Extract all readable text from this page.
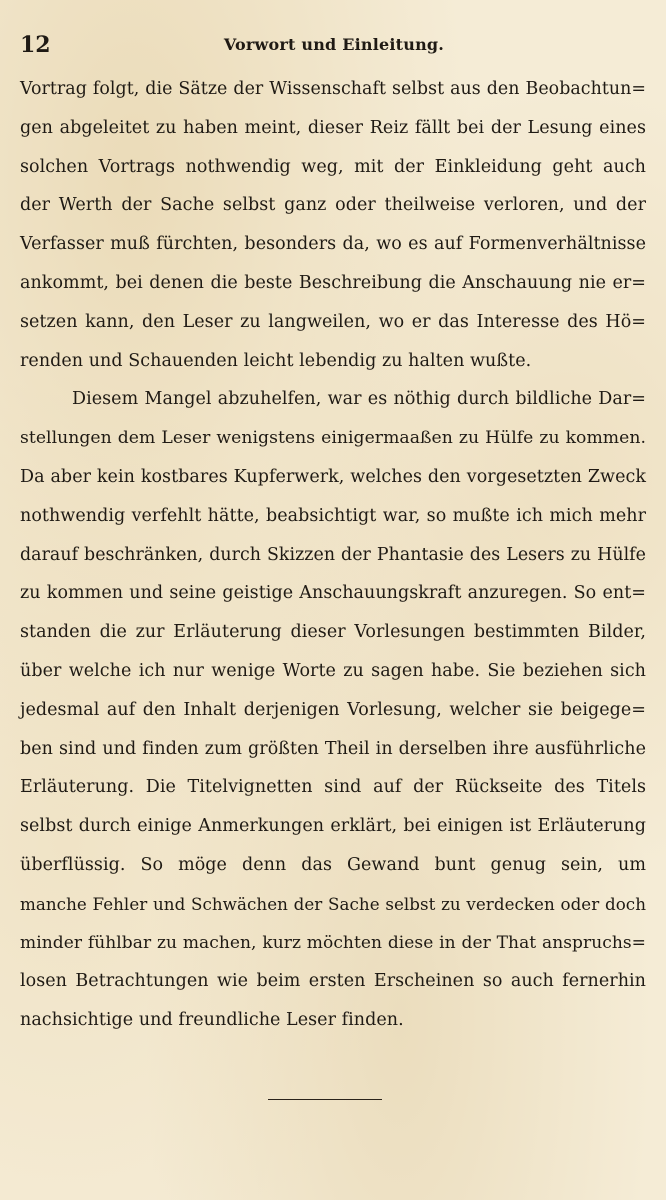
12	Vorwort und Einleitung.
Vortrag folgt, die Sätze der Wissenschaft selbst aus den Beobachtun=
gen abgeleitet zu haben meint, dieser Reiz fällt bei der Lesung eines
solchen Vortrags nothwendig weg, mit der Einkleidung geht auch
der Werth der Sache selbst ganz oder theilweise verloren, und der
Verfasser muß fürchten, besonders da, wo es auf Formenverhältnisse
ankommt, bei denen die beste Beschreibung die Anschauung nie er=
setzen kann, den Leser zu langweilen, wo er das Interesse des Hö=
renden und Schauenden leicht lebendig zu halten wußte.
Diesem Mangel abzuhelfen, war es nöthig durch bildliche Dar=
stellungen dem Leser wenigstens einigermaaßen zu Hülfe zu kommen.
Da aber kein kostbares Kupferwerk, welches den vorgesetzten Zweck
nothwendig verfehlt hätte, beabsichtigt war, so mußte ich mich mehr
darauf beschränken, durch Skizzen der Phantasie des Lesers zu Hülfe
zu kommen und seine geistige Anschauungskraft anzuregen. So ent=
standen die zur Erläuterung dieser Vorlesungen bestimmten Bilder,
über welche ich nur wenige Worte zu sagen habe. Sie beziehen sich
jedesmal auf den Inhalt derjenigen Vorlesung, welcher sie beigege=
ben sind und finden zum größten Theil in derselben ihre ausführliche
Erläuterung. Die Titelvignetten sind auf der Rückseite des Titels
selbst durch einige Anmerkungen erklärt, bei einigen ist Erläuterung
überflüssig. So möge denn das Gewand bunt genug sein, um
manche Fehler und Schwächen der Sache selbst zu verdecken oder doch
minder fühlbar zu machen, kurz möchten diese in der That anspruchs=
losen Betrachtungen wie beim ersten Erscheinen so auch fernerhin
nachsichtige und freundliche Leser finden.
